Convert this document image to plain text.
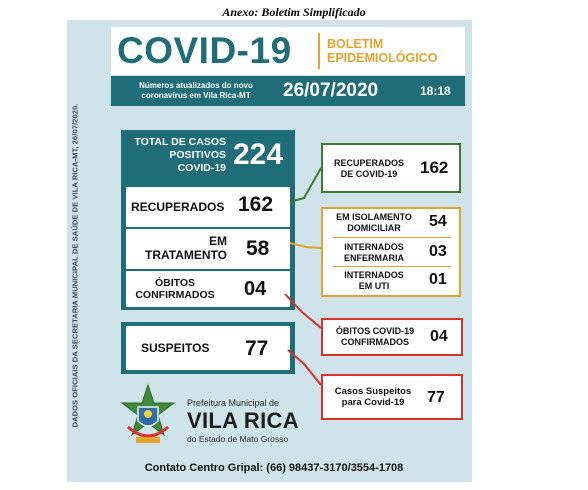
Anexo: Boletim Simplificado
DADOS OFICIAIS DA SECRETARIA MUNICIPAL DE SAÚDE DE VILA RICA-MT, 26/07/2020.
COVID-19	BOLETIM
EPIDEMIOLÓGICO
Números atualizados do novo
coronavírus em Vila Rica-MT	26/07/2020	18:18
TOTAL DE CASOS
POSITIVOS
COVID-19 224
RECUPERADOS 162
EM
TRATAMENTO 58
ÓBITOS
CONFIRMADOS 04
SUSPEITOS 77
RECUPERADOS
DE COVID-19	162
EM ISOLAMENTO
DOMICILIAR	54
INTERNADOS
ENFERMARIA	03
INTERNADOS
EM UTI	01
ÓBITOS COVID-19
CONFIRMADOS	04
Casos Suspeitos
para Covid-19	77
Prefeitura Municipal de
VILA RICA
do Estado de Mato Grosso
Contato Centro Gripal: (66) 98437-3170/3554-1708
